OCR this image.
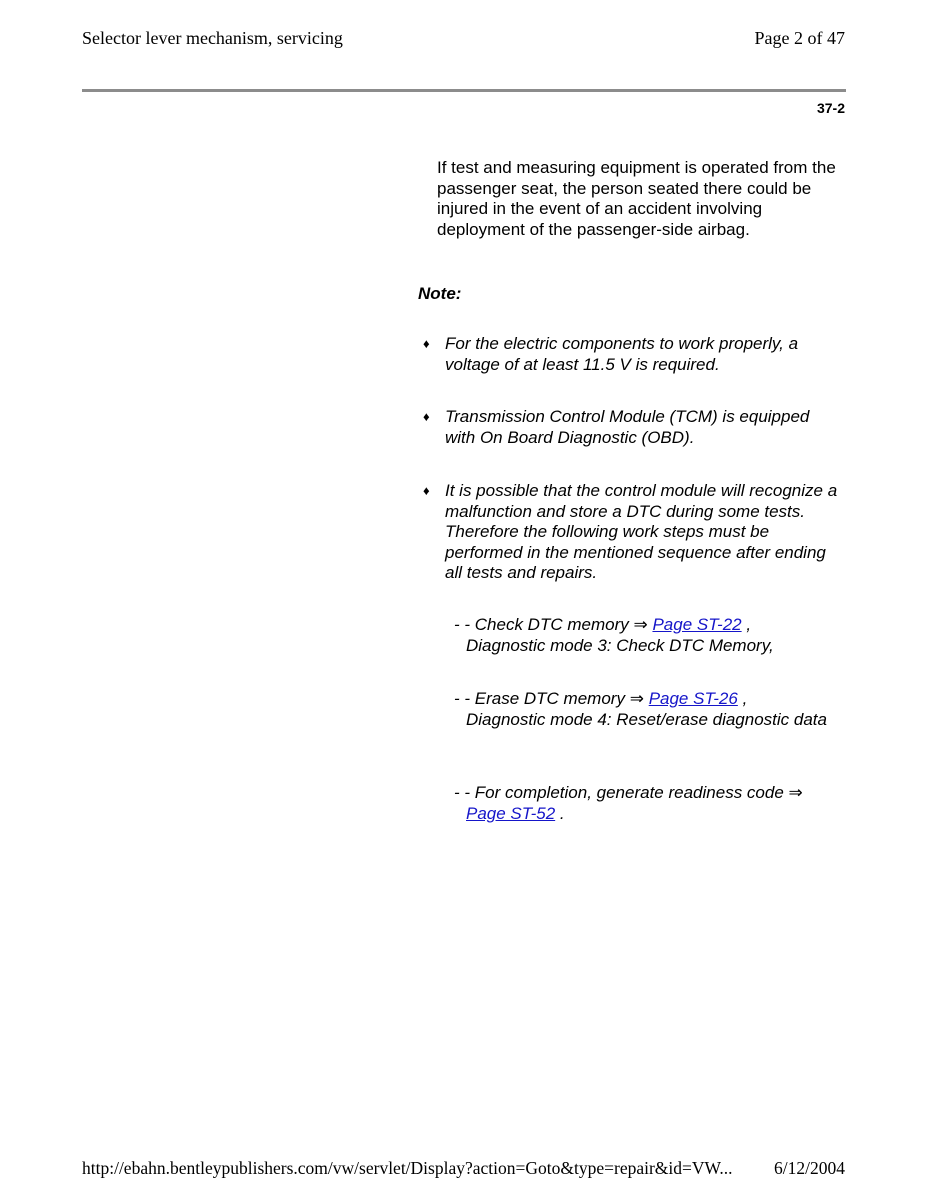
Selector lever mechanism, servicing	Page 2 of 47
37-2
If test and measuring equipment is operated from the passenger seat, the person seated there could be injured in the event of an accident involving deployment of the passenger-side airbag.
Note:
♦ For the electric components to work properly, a voltage of at least 11.5 V is required.
♦ Transmission Control Module (TCM) is equipped with On Board Diagnostic (OBD).
♦ It is possible that the control module will recognize a malfunction and store a DTC during some tests. Therefore the following work steps must be performed in the mentioned sequence after ending all tests and repairs.
- - Check DTC memory ⇒ Page ST-22 ,
Diagnostic mode 3: Check DTC Memory,
- - Erase DTC memory ⇒ Page ST-26 ,
Diagnostic mode 4: Reset/erase diagnostic data
- - For completion, generate readiness code ⇒
Page ST-52 .
http://ebahn.bentleypublishers.com/vw/servlet/Display?action=Goto&type=repair&id=VW... 6/12/2004
